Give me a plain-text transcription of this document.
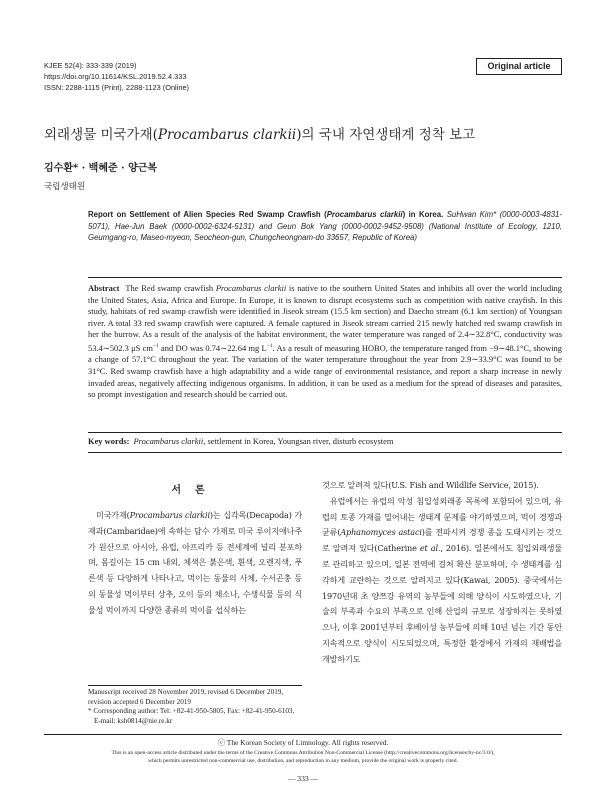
KJEE 52(4): 333-339 (2019)
https://doi.org/10.11614/KSL.2019.52.4.333
ISSN: 2288-1115 (Print), 2288-1123 (Online)
Original article
외래생물 미국가재(Procambarus clarkii)의 국내 자연생태계 정착 보고
김수환* · 백혜준 · 양근복
국립생태원
Report on Settlement of Alien Species Red Swamp Crawfish (Procambarus clarkii) in Korea. SuHwan Kim* (0000-0003-4831-5071), Hae-Jun Baek (0000-0002-6324-5131) and Geun Bok Yang (0000-0002-9452-9508) (National Institute of Ecology, 1210, Geumgang-ro, Maseo-myeon, Seocheon-gun, Chungcheongnam-do 33657, Republic of Korea)
Abstract The Red swamp crawfish Procambarus clarkii is native to the southern United States and inhibits all over the world including the United States, Asia, Africa and Europe. In Europe, it is known to disrupt ecosystems such as competition with native crayfish. In this study, habitats of red swamp crawfish were identified in Jiseok stream (15.5 km section) and Daecho stream (6.1 km section) of Youngsan river. A total 33 red swamp crawfish were captured. A female captured in Jiseok stream carried 215 newly hatched red swamp crawfish in her the burrow. As a result of the analysis of the habitat environment, the water temperature was ranged of 2.4∼32.8°C, conductivity was 53.4∼502.3 μS $cm^{-1}$ and DO was 0.74∼22.64 mg $L^{-1}$. As a result of measuring HOBO, the temperature ranged from −9∼48.1°C, showing a change of 57.1°C throughout the year. The variation of the water temperature throughout the year from 2.9∼33.9°C was found to be 31°C. Red swamp crawfish have a high adaptability and a wide range of environmental resistance, and report a sharp increase in newly invaded areas, negatively affecting indigenous organisms. In addition, it can be used as a medium for the spread of diseases and parasites, so prompt investigation and research should be carried out.
Key words: Procambarus clarkii, settlement in Korea, Youngsan river, disturb ecosystem
서론
 미국가재(Procambarus clarkii)는 십각목(Decapoda) 가재과(Cambaridae)에 속하는 담수 가재로 미국 루이지애나주가 원산으로 아시아, 유럽, 아프리카 등 전세계에 널리 분포하며, 몸길이는 15 cm 내외, 체색은 붉은색, 흰색, 오렌지색, 푸른색 등 다양하게 나타나고, 먹이는 동물의 사체, 수서곤충 등의 동물성 먹이부터 상추, 오이 등의 채소나, 수생식물 등의 식물성 먹이까지 다양한 종류의 먹이를 섭식하는
것으로 알려져 있다(U.S. Fish and Wildlife Service, 2015).
 유럽에서는 유럽의 악성 침입성외래종 목록에 포함되어 있으며, 유럽의 토종 가재를 밀어내는 생태계 문제를 야기하였으며, 먹이 경쟁과 균류(Aphanomyces astaci)를 전파시켜 경쟁 종을 도태시키는 것으로 알려져 있다(Catherine et al., 2016). 일본에서도 침입외래생물로 관리하고 있으며, 일본 전역에 걸쳐 확산 분포하며, 수 생태계를 심각하게 교란하는 것으로 알려지고 있다(Kawai, 2005). 중국에서는 1970년대 초 양쯔강 유역의 농부들에 의해 양식이 시도하였으나, 기술의 부족과 수요의 부족으로 인해 산업의 규모로 성장하지는 못하였으나, 이후 2001년부터 후베이성 농부들에 의해 10년 넘는 기간 동안 지속적으로 양식이 시도되었으며, 특정한 환경에서 가재의 재배법을 개발하기도
Manuscript received 28 November 2019, revised 6 December 2019,
revision accepted 6 December 2019
* Corresponding author: Tel: +82-41-950-5805, Fax: +82-41-950-6103,
E-mail: ksh0814@nie.re.kr
ⓒ The Korean Society of Limnology. All rights reserved.
This is an open-access article distributed under the terms of the Creative Commons Attribution Non-Commercial License (http://creativecommons.org/licenses/by-nc/3.0/),
which permits unrestricted non-commercial use, distribution, and reproduction in any medium, provide the original work is properly cited.
— 333 —
